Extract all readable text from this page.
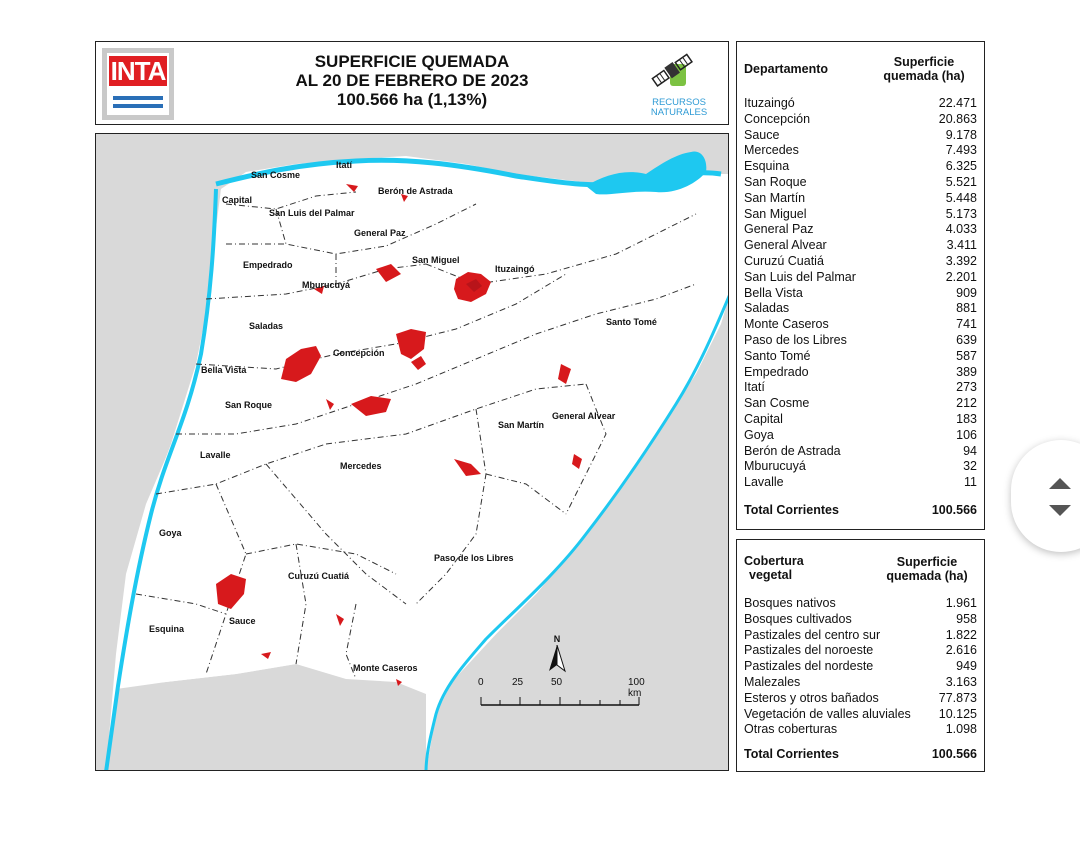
INTA	SUPERFICIE QUEMADA
AL 20 DE FEBRERO DE 2023
100.566 ha (1,13%)	RECURSOS
NATURALES
Itatí
San Cosme
Berón de Astrada
Capital
San Luis del Palmar
General Paz
Empedrado	San Miguel
Ituzaingó
Mburucuyá
Saladas	Santo Tomé
Concepción
Bella Vista
San Roque
General Alvear
San Martín
Lavalle
Mercedes
Goya
Paso de los Libres
Curuzú Cuatiá
Esquina
Sauce
Monte Caseros
N
0	25	50	100 km
Departamento	Superficie
quemada (ha)
Ituzaingó	22.471
Concepción	20.863
Sauce	9.178
Mercedes	7.493
Esquina	6.325
San Roque	5.521
San Martín	5.448
San Miguel	5.173
General Paz	4.033
General Alvear	3.411
Curuzú Cuatiá	3.392
San Luis del Palmar	2.201
Bella Vista	909
Saladas	881
Monte Caseros	741
Paso de los Libres	639
Santo Tomé	587
Empedrado	389
Itatí	273
San Cosme	212
Capital	183
Goya	106
Berón de Astrada	94
Mburucuyá	32
Lavalle	11
Total Corrientes	100.566
Cobertura
vegetal
Superficie
quemada (ha)
Bosques nativos	1.961
Bosques cultivados	958
Pastizales del centro sur	1.822
Pastizales del noroeste	2.616
Pastizales del nordeste	949
Malezales	3.163
Esteros y otros bañados	77.873
Vegetación de valles aluviales 10.125
Otras coberturas	1.098
Total Corrientes	100.566
